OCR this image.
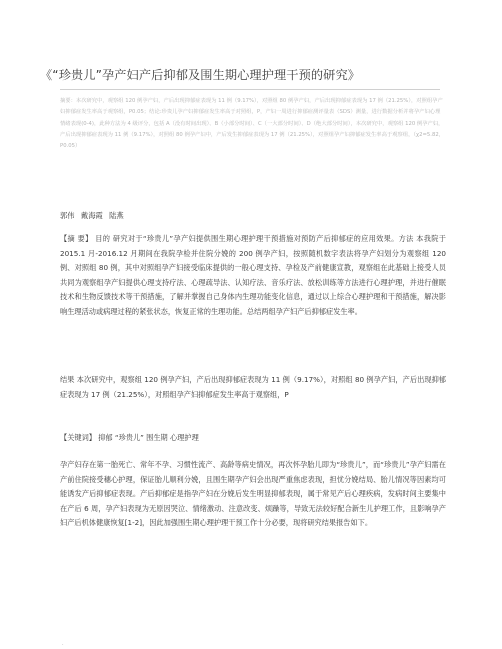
《“珍贵儿”孕产妇产后抑郁及围生期心理护理干预的研究》
摘要：本次研究中，观察组 120 例孕产妇，产后出现抑郁症表现为 11 例（9.17%），对照组 80 例孕产妇，产后出现抑郁症表现为 17 例（21.25%），对照组孕产妇抑郁症发生率高于观察组，P0.05；结论:珍贵儿孕产妇抑郁症发生率高于对照组，P，产妇一周进行抑郁症测评量表（SDS）测量，进行数据分析并将孕产妇心理情绪表现(0-4)，此种方法为 4 级评分，包括 A（没有时间出现）、B（小部分时间）、C（一大部分时间）、D（绝大部分时间），本次研究中，观察组 120 例孕产妇，产后出现抑郁症表现为 11 例（9.17%），对照组 80 例孕产妇中，产后发生抑郁症表现为 17 例（21.25%），对照组孕产妇抑郁症发生率高于观察组，（χ2=5.82，P0.05）
郭伟 戴海霞 陆燕
【摘 要】 目的 研究对于“珍贵儿”孕产妇提供围生期心理护理干预措施对预防产后抑郁症的应用效果。方法 本我院于 2015.1 月-2016.12 月期间在我院孕检并住院分娩的 200 例孕产妇，按照随机数字表法将孕产妇划分为观察组 120 例、对照组 80 例，其中对照组孕产妇接受临床提供的一般心理支持、孕检及产前健康宣教，观察组在此基础上接受人员共同为观察组孕产妇提供心理支持疗法、心理疏导法、认知疗法、音乐疗法、放松训练等方法进行心理护理，并进行催眠技术和生物反馈技术等干预措施，了解并掌握自己身体内生理功能变化信息，通过以上综合心理护理和干预措施，解决影响生理活动或病理过程的紧张状态，恢复正常的生理功能。总结两组孕产妇产后抑郁症发生率。
结果 本次研究中，观察组 120 例孕产妇，产后出现抑郁症表现为 11 例（9.17%），对照组 80 例孕产妇，产后出现抑郁症表现为 17 例（21.25%），对照组孕产妇抑郁症发生率高于观察组，P
【关键词】 抑郁 “珍贵儿” 围生期 心理护理
孕产妇存在第一胎死亡、常年不孕、习惯性流产、高龄等病史情况，再次怀孕胎儿即为“珍贵儿”，而“珍贵儿”孕产妇需在产前住院接受穗心护理，保证胎儿顺利分娩，且围生期孕产妇会出现严重焦虑表现，担忧分娩结局、胎儿情况等因素均可能诱发产后抑郁症表现。产后抑郁症是指孕产妇在分娩后发生明显抑郁表现，属于常见产后心理疾病，发病时间主要集中在产后 6 周，孕产妇表现为无原因哭泣、情绪激动、注意改变、烦躁等，导致无法较好配合新生儿护理工作，且影响孕产妇产后机体健康恢复[1-2]，因此加强围生期心理护理干预工作十分必要，现将研究结果报告如下。
.
